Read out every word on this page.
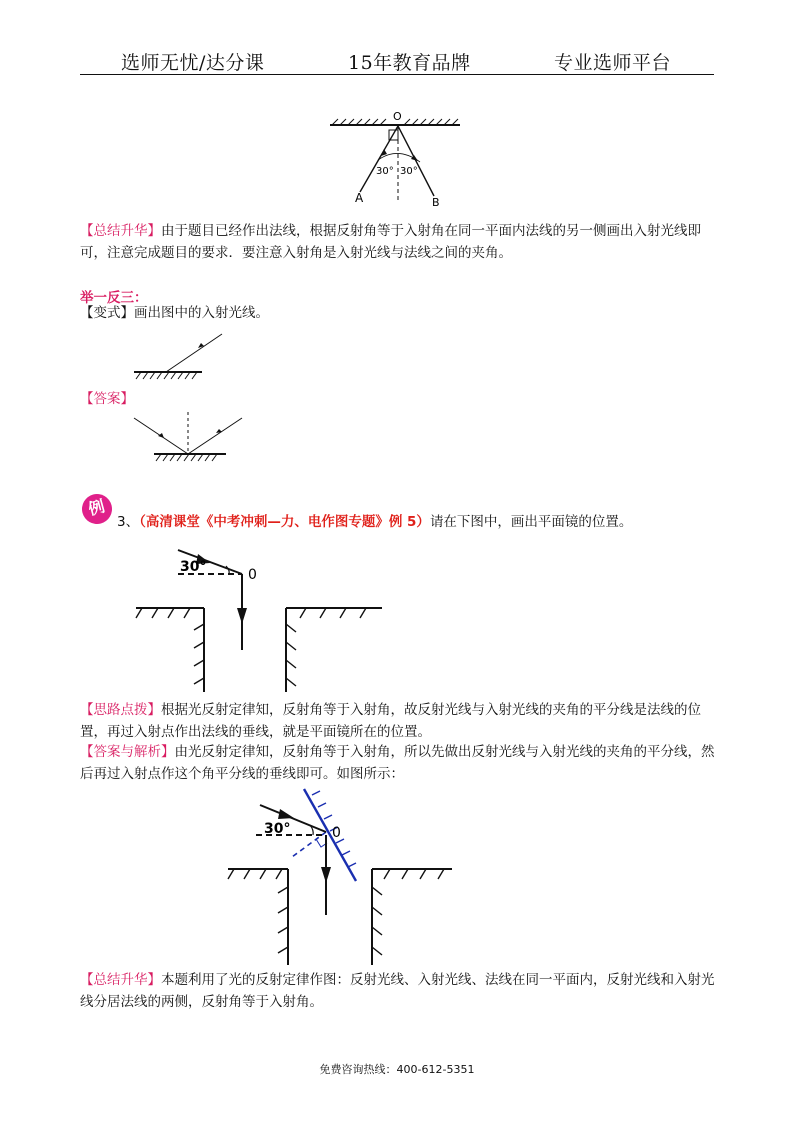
选师无忧/达分课	15年教育品牌	专业选师平台
O
30° 30°
A	B
【总结升华】由于题目已经作出法线，根据反射角等于入射角在同一平面内法线的另一侧画出入射光线即可，注意完成题目的要求．要注意入射角是入射光线与法线之间的夹角。
举一反三：
【变式】画出图中的入射光线。
【答案】
例
3、（高清课堂《中考冲刺—力、电作图专题》例 5）请在下图中，画出平面镜的位置。
30°	0
【思路点拨】根据光反射定律知，反射角等于入射角，故反射光线与入射光线的夹角的平分线是法线的位置，再过入射点作出法线的垂线，就是平面镜所在的位置。
【答案与解析】由光反射定律知，反射角等于入射角，所以先做出反射光线与入射光线的夹角的平分线，然后再过入射点作这个角平分线的垂线即可。如图所示：
30°	0
【总结升华】本题利用了光的反射定律作图：反射光线、入射光线、法线在同一平面内，反射光线和入射光线分居法线的两侧，反射角等于入射角。
免费咨询热线：400-612-5351
